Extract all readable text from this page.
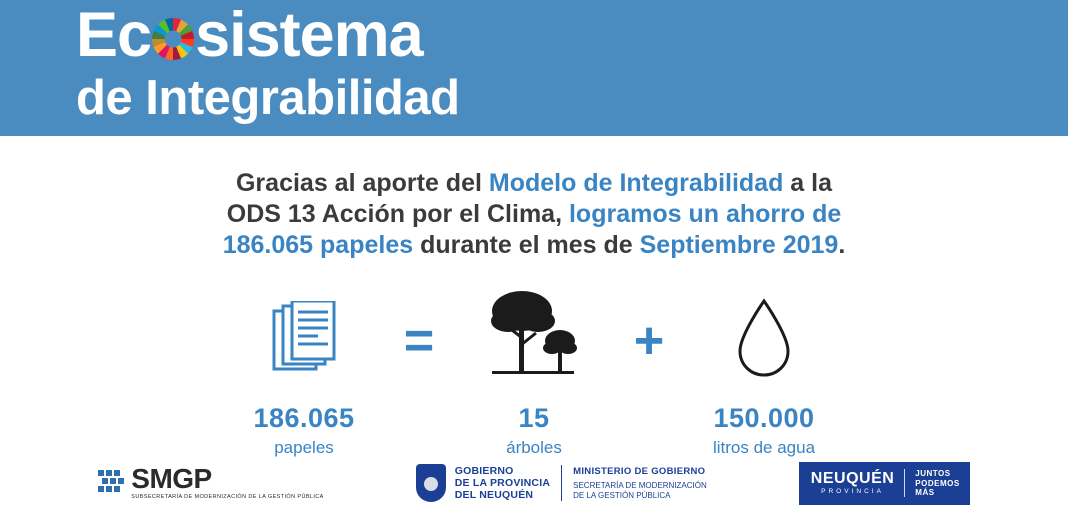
Ec sistema
de Integrabilidad
Gracias al aporte del Modelo de Integrabilidad a la
ODS 13 Acción por el Clima, logramos un ahorro de
186.065 papeles durante el mes de Septiembre 2019.
186.065
papeles
=
15
árboles
+
150.000
litros de agua
SMGP
SUBSECRETARÍA DE MODERNIZACIÓN DE LA GESTIÓN PÚBLICA
GOBIERNO
DE LA PROVINCIA
DEL NEUQUÉN
MINISTERIO DE GOBIERNO
SECRETARÍA DE MODERNIZACIÓN
DE LA GESTIÓN PÚBLICA
NEUQUÉN
PROVINCIA
JUNTOS
PODEMOS
MÁS
